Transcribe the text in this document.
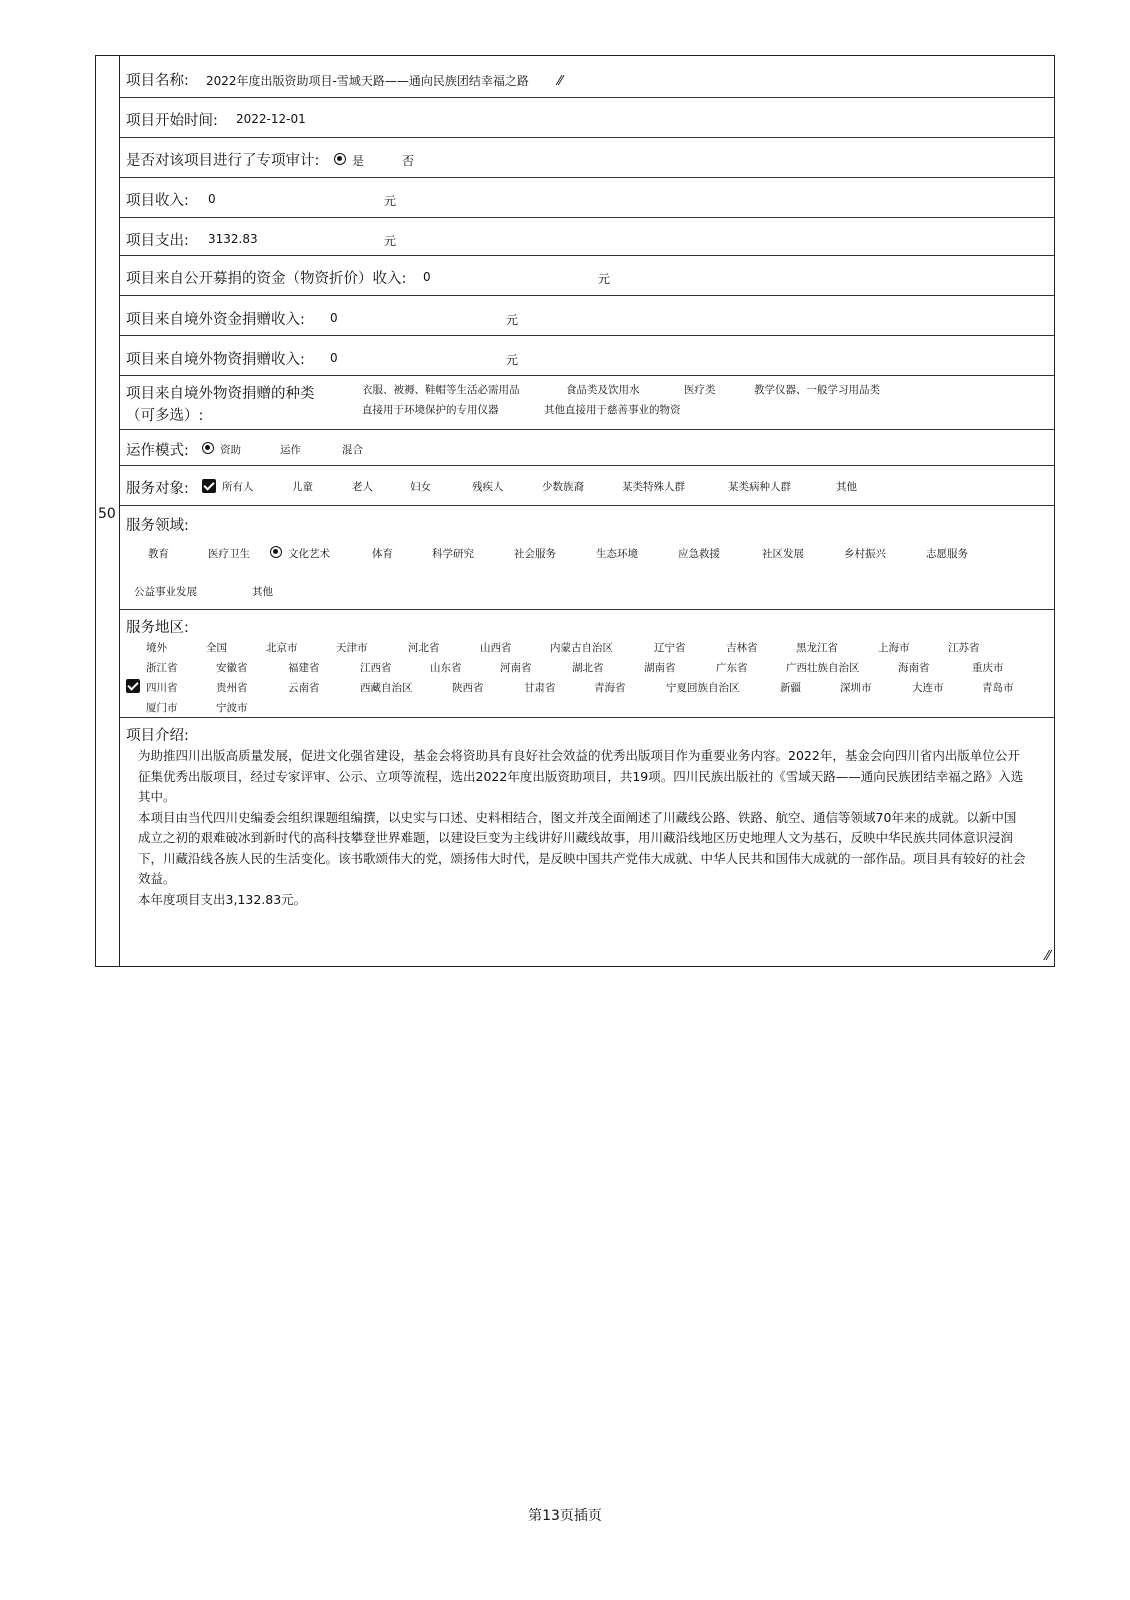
50
项目名称: 2022年度出版资助项目-雪域天路——通向民族团结幸福之路 ⁄⁄
项目开始时间: 2022-12-01
是否对该项目进行了专项审计:	是	否
项目收入: 0	元
项目支出: 3132.83	元
项目来自公开募捐的资金（物资折价）收入: 0	元
项目来自境外资金捐赠收入: 0	元
项目来自境外物资捐赠收入: 0	元
项目来自境外物资捐赠的种类
（可多选）:
衣服、被褥、鞋帽等生活必需用品	食品类及饮用水	医疗类	教学仪器、一般学习用品类
直接用于环境保护的专用仪器	其他直接用于慈善事业的物资
运作模式:	资助	运作	混合
服务对象:	所有人	儿童	老人	妇女	残疾人	少数族裔	某类特殊人群	某类病种人群	其他
服务领域:
教育	医疗卫生	文化艺术	体育	科学研究	社会服务	生态环境	应急救援	社区发展	乡村振兴	志愿服务
公益事业发展	其他
服务地区:
境外	全国	北京市	天津市	河北省	山西省	内蒙古自治区	辽宁省	吉林省	黑龙江省	上海市	江苏省
浙江省	安徽省	福建省	江西省	山东省	河南省	湖北省	湖南省	广东省	广西壮族自治区	海南省	重庆市
四川省	贵州省	云南省	西藏自治区	陕西省	甘肃省	青海省	宁夏回族自治区	新疆	深圳市	大连市	青岛市
厦门市	宁波市
项目介绍:

为助推四川出版高质量发展，促进文化强省建设，基金会将资助具有良好社会效益的优秀出版项目作为重要业务内容。2022年，基金会向四川省内出版单位公开征集优秀出版项目，经过专家评审、公示、立项等流程，选出2022年度出版资助项目，共19项。四川民族出版社的《雪域天路——通向民族团结幸福之路》入选其中。

本项目由当代四川史编委会组织课题组编撰，以史实与口述、史料相结合，图文并茂全面阐述了川藏线公路、铁路、航空、通信等领域70年来的成就。以新中国成立之初的艰难破冰到新时代的高科技攀登世界难题，以建设巨变为主线讲好川藏线故事，用川藏沿线地区历史地理人文为基石，反映中华民族共同体意识浸润下，川藏沿线各族人民的生活变化。该书歌颂伟大的党，颂扬伟大时代，是反映中国共产党伟大成就、中华人民共和国伟大成就的一部作品。项目具有较好的社会效益。

本年度项目支出3,132.83元。

⁄⁄
第13页插页
